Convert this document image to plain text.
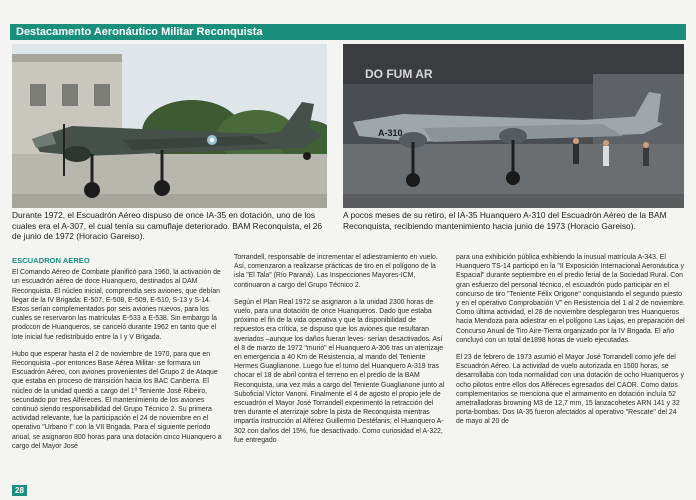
Destacamento Aeronáutico Militar Reconquista
DO FUM AR
A-310
Durante 1972, el Escuadrón Aéreo dispuso de once IA-35 en dotación, uno de los cuales era el A-307, el cual tenía su camuflaje deteriorado. BAM Reconquista, el 26 de junio de 1972 (Horacio Gareiso).
A pocos meses de su retiro, el IA-35 Huanquero A-310 del Escuadrón Aéreo de la BAM Reconquista, recibiendo mantenimiento hacia junio de 1973 (Horacio Gareiso).
ESCUADRON AEREO

El Comando Aéreo de Combate planificó para 1960, la activación de un escuadrón aéreo de doce Huanquero, destinados al DAM Reconquista. El núcleo inicial, comprendía seis aviones, que debían llegar de la IV Brigada: E-507, E-508, E-509, E-510, S-13 y S-14. Estos serían complementados por seis aviones nuevos, para los cuales se reservaron las matrículas E-533 a E-538. Sin embargo la prodccon de Huanqueros, se canceló durante 1962 en tanto que el lote inicial fue redistribuido entre la I y V Brigada.

Hubo que esperar hasta el 2 de noviembre de 1970, para que en Reconquista –por entonces Base Aérea Militar- se formara un Escuadrón Aéreo, con aviones provenientes del Grupo 2 de Ataque que estaba en proceso de transición hacia los BAC Canberra. El núcleo de la unidad quedó a cargo del 1º Teniente José Ribeiro, secundado por tres Alféreces. El mantenimiento de los aviones continuó siendo responsabilidad del Grupo Técnico 2. Su primera actividad relevante, fue la participación el 24 de noviembre en el operativo "Urbano I" con la VII Brigada. Para el siguiente período anual, se asignaron 800 horas para una dotación cinco Huanquero a cargo del Mayor José

Torrandell, responsable de incrementar el adiestramiento en vuelo. Así, comenzaron a realizarse prácticas de tiro en el polígono de la isla "El Tala" (Río Paraná). Las Inspecciones Mayores-ICM, continuaron a cargo del Grupo Técnico 2.

Según el Plan Real 1972 se asignaron a la unidad 2300 horas de vuelo, para una dotación de once Huanqueros. Dado que estaba próximo el fin de la vida operativa y que la disponibilidad de repuestos era crítica, se dispuso que los aviones que resultaran averiados –aunque los daños fueran leves- serían desactivados. Así el 8 de marzo de 1972 "murió" el Huanquero A-306 tras un aterrizaje en emergencia a 40 Km de Resistencia, al mando del Teniente Hermes Guaglianone. Luego fue el turno del Huanquero A-319 tras chocar el 18 de abril contra el terreno en el predio de la BAM Reconquista, una vez más a cargo del Teniente Guaglianone junto al Suboficial Víctor Vanoni. Finalmente el 4 de agosto el propio jefe de escuadrón el Mayor José Torrandell experimentó la retracción del tren durante el aterrizaje sobre la pista de Reconquista mientras impartía instrucción al Alférez Guillermo Destéfanis; el Huanquero A-302 con daños del 15%, fue desactivado. Como curiosidad el A-322, fue entregado

para una exhibición pública exhibiendo la inusual matrícula A-343. El Huanquero TS-14 participó en la "II Exposición Internacional Aeronáutica y Espacial" durante septiembre en el predio ferial de la Sociedad Rural. Con gran esfuerzo del personal técnico, el escuadrón pudo participar en el concurso de tiro "Teniente Félix Origone" conquistando el segundo puesto y en el operativo Comprobación V" en Resistencia del 1 al 2 de noviembre. Como última actividad, el 28 de noviembre desplegaron tres Huanqueros hacia Mendoza para adiestrar en el polígono Las Lajas, en preparación del Concurso Anual de Tiro Aire-Tierra organizado por la IV Brigada. El año concluyó con un total de1898 horas de vuelo ejecutadas.

El 23 de febrero de 1973 asumió el Mayor José Torrandell como jefe del Escuadrón Aéreo. La actividad de vuelo autorizada en 1500 horas, se desarrollaba con toda normalidad con una dotación de ocho Huanqueros y ocho pilotos entre ellos dos Alféreces egresados del CAOR. Como datos complementarios se menciona que el armamento en dotación incluía 52 ametralladoras browning M3 de 12,7 mm, 15 lanzacohetes ARN 141 y 32 porta-bombas. Dos IA-35 fueron afectados al operativo "Rescate" del 24 de mayo al 20 de

28
